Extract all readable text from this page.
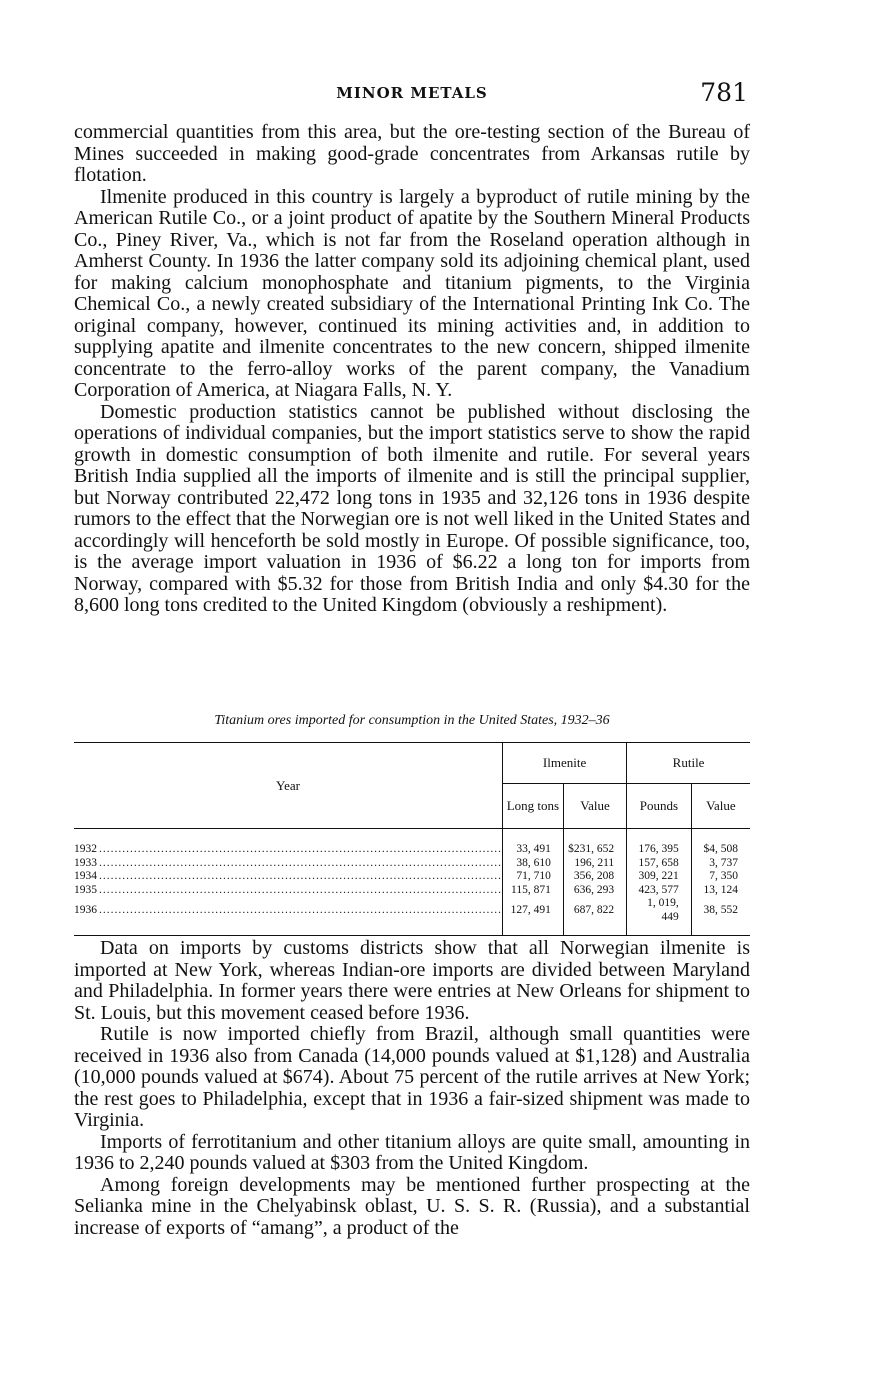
MINOR METALS	781

commercial quantities from this area, but the ore-testing section of the Bureau of Mines succeeded in making good-grade concentrates from Arkansas rutile by flotation.

Ilmenite produced in this country is largely a byproduct of rutile mining by the American Rutile Co., or a joint product of apatite by the Southern Mineral Products Co., Piney River, Va., which is not far from the Roseland operation although in Amherst County. In 1936 the latter company sold its adjoining chemical plant, used for making calcium monophosphate and titanium pigments, to the Virginia Chemical Co., a newly created subsidiary of the International Printing Ink Co. The original company, however, continued its mining activities and, in addition to supplying apatite and ilmenite concentrates to the new concern, shipped ilmenite concentrate to the ferro-alloy works of the parent company, the Vanadium Corporation of America, at Niagara Falls, N. Y.

Domestic production statistics cannot be published without disclosing the operations of individual companies, but the import statistics serve to show the rapid growth in domestic consumption of both ilmenite and rutile. For several years British India supplied all the imports of ilmenite and is still the principal supplier, but Norway contributed 22,472 long tons in 1935 and 32,126 tons in 1936 despite rumors to the effect that the Norwegian ore is not well liked in the United States and accordingly will henceforth be sold mostly in Europe. Of possible significance, too, is the average import valuation in 1936 of $6.22 a long ton for imports from Norway, compared with $5.32 for those from British India and only $4.30 for the 8,600 long tons credited to the United Kingdom (obviously a reshipment).

Titanium ores imported for consumption in the United States, 1932–36
Year	Ilmenite		Rutile	
	Long tons	Value	Pounds	Value

1932 ........................................................................................................	33, 491	$231, 652	176, 395	$4, 508

1933 ........................................................................................................	38, 610	196, 211	157, 658	3, 737

1934 ........................................................................................................	71, 710	356, 208	309, 221	7, 350

1935 ........................................................................................................	115, 871	636, 293	423, 577	13, 124

1936 ........................................................................................................	127, 491	687, 822	1, 019, 449	38, 552

Data on imports by customs districts show that all Norwegian ilmenite is imported at New York, whereas Indian-ore imports are divided between Maryland and Philadelphia. In former years there were entries at New Orleans for shipment to St. Louis, but this movement ceased before 1936.

Rutile is now imported chiefly from Brazil, although small quantities were received in 1936 also from Canada (14,000 pounds valued at $1,128) and Australia (10,000 pounds valued at $674). About 75 percent of the rutile arrives at New York; the rest goes to Philadelphia, except that in 1936 a fair-sized shipment was made to Virginia.

Imports of ferrotitanium and other titanium alloys are quite small, amounting in 1936 to 2,240 pounds valued at $303 from the United Kingdom.

Among foreign developments may be mentioned further prospecting at the Selianka mine in the Chelyabinsk oblast, U. S. S. R. (Russia), and a substantial increase of exports of “amang”, a product of the
